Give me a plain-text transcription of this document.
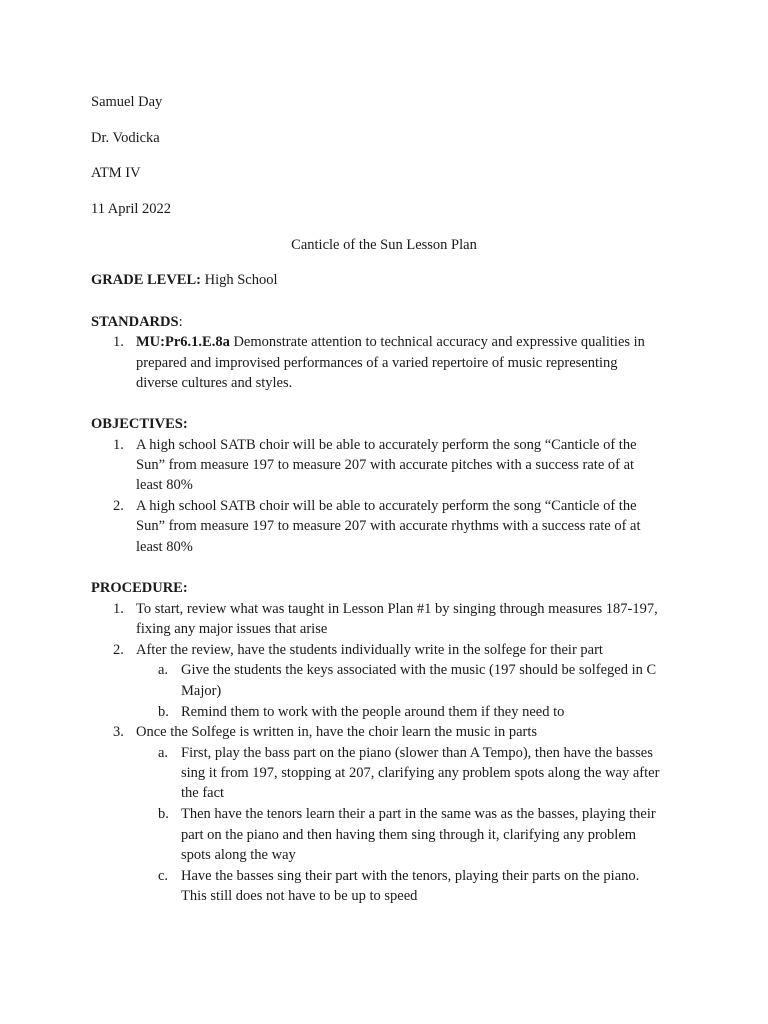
Samuel Day
Dr. Vodicka
ATM IV
11 April 2022
Canticle of the Sun Lesson Plan
GRADE LEVEL: High School
STANDARDS:
1. MU:Pr6.1.E.8a Demonstrate attention to technical accuracy and expressive qualities in
prepared and improvised performances of a varied repertoire of music representing
diverse cultures and styles.
OBJECTIVES:
1. A high school SATB choir will be able to accurately perform the song “Canticle of the
Sun” from measure 197 to measure 207 with accurate pitches with a success rate of at
least 80%
2. A high school SATB choir will be able to accurately perform the song “Canticle of the
Sun” from measure 197 to measure 207 with accurate rhythms with a success rate of at
least 80%
PROCEDURE:
1. To start, review what was taught in Lesson Plan #1 by singing through measures 187-197,
fixing any major issues that arise
2. After the review, have the students individually write in the solfege for their part
a. Give the students the keys associated with the music (197 should be solfeged in C
Major)
b. Remind them to work with the people around them if they need to
3. Once the Solfege is written in, have the choir learn the music in parts
a. First, play the bass part on the piano (slower than A Tempo), then have the basses
sing it from 197, stopping at 207, clarifying any problem spots along the way after
the fact
b. Then have the tenors learn their a part in the same was as the basses, playing their
part on the piano and then having them sing through it, clarifying any problem
spots along the way
c. Have the basses sing their part with the tenors, playing their parts on the piano.
This still does not have to be up to speed
